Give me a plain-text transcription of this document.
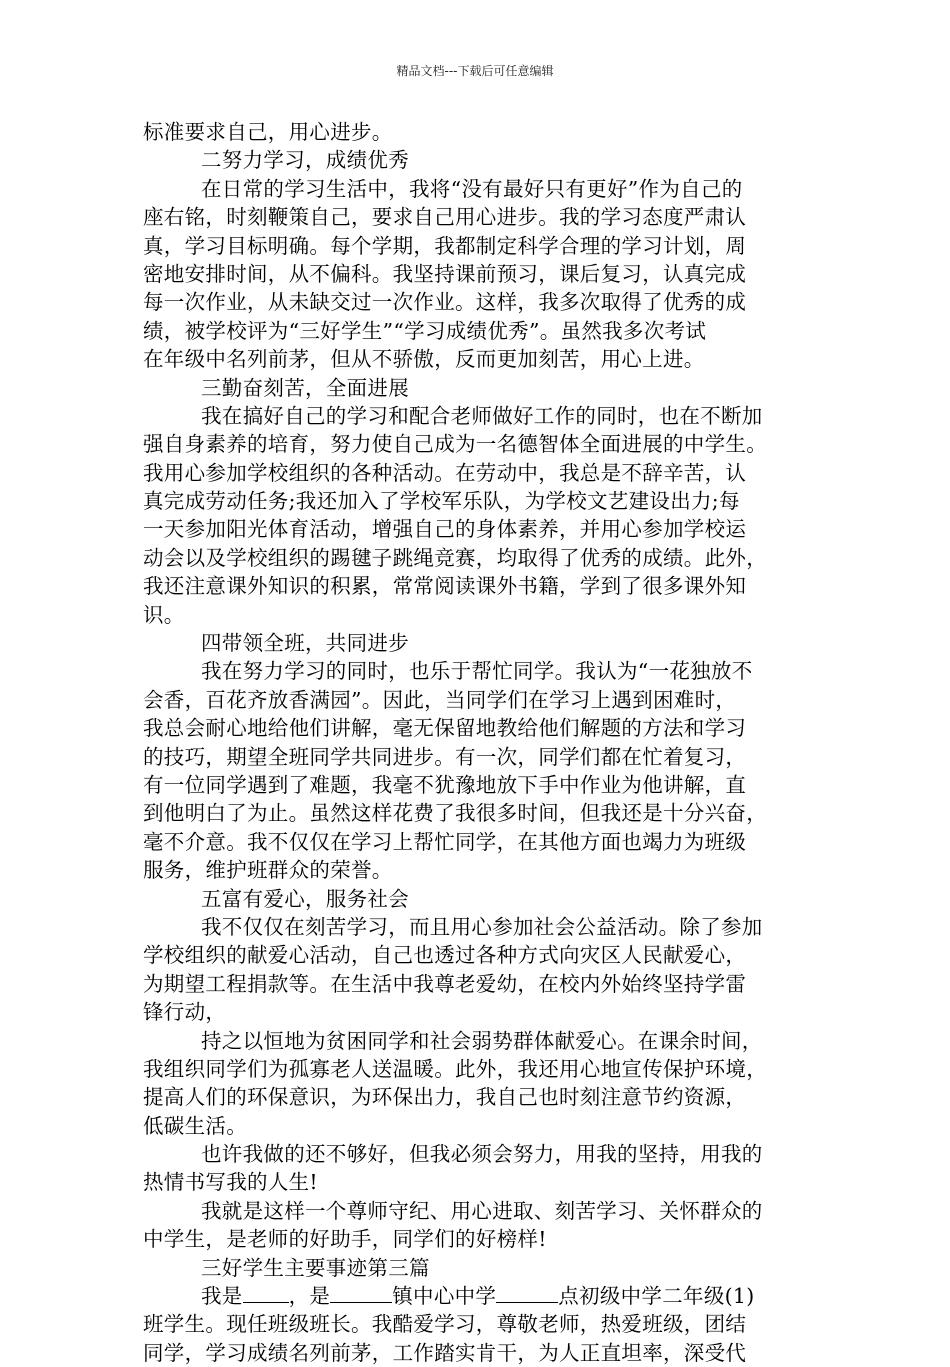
精品文档---下载后可任意编辑
标准要求自己，用心进步。
二努力学习，成绩优秀
在日常的学习生活中，我将“没有最好只有更好”作为自己的
座右铭，时刻鞭策自己，要求自己用心进步。我的学习态度严肃认
真，学习目标明确。每个学期，我都制定科学合理的学习计划，周
密地安排时间，从不偏科。我坚持课前预习，课后复习，认真完成
每一次作业，从未缺交过一次作业。这样，我多次取得了优秀的成
绩，被学校评为“三好学生”“学习成绩优秀”。虽然我多次考试
在年级中名列前茅，但从不骄傲，反而更加刻苦，用心上进。
三勤奋刻苦，全面进展
我在搞好自己的学习和配合老师做好工作的同时，也在不断加
强自身素养的培育，努力使自己成为一名德智体全面进展的中学生。
我用心参加学校组织的各种活动。在劳动中，我总是不辞辛苦，认
真完成劳动任务;我还加入了学校军乐队，为学校文艺建设出力;每
一天参加阳光体育活动，增强自己的身体素养，并用心参加学校运
动会以及学校组织的踢毽子跳绳竞赛，均取得了优秀的成绩。此外，
我还注意课外知识的积累，常常阅读课外书籍，学到了很多课外知
识。
四带领全班，共同进步
我在努力学习的同时，也乐于帮忙同学。我认为“一花独放不
会香，百花齐放香满园”。因此，当同学们在学习上遇到困难时，
我总会耐心地给他们讲解，毫无保留地教给他们解题的方法和学习
的技巧，期望全班同学共同进步。有一次，同学们都在忙着复习，
有一位同学遇到了难题，我毫不犹豫地放下手中作业为他讲解，直
到他明白了为止。虽然这样花费了我很多时间，但我还是十分兴奋，
毫不介意。我不仅仅在学习上帮忙同学，在其他方面也竭力为班级
服务，维护班群众的荣誉。
五富有爱心，服务社会
我不仅仅在刻苦学习，而且用心参加社会公益活动。除了参加
学校组织的献爱心活动，自己也透过各种方式向灾区人民献爱心，
为期望工程捐款等。在生活中我尊老爱幼，在校内外始终坚持学雷
锋行动，
持之以恒地为贫困同学和社会弱势群体献爱心。在课余时间，
我组织同学们为孤寡老人送温暖。此外，我还用心地宣传保护环境，
提高人们的环保意识，为环保出力，我自己也时刻注意节约资源，
低碳生活。
也许我做的还不够好，但我必须会努力，用我的坚持，用我的
热情书写我的人生!
我就是这样一个尊师守纪、用心进取、刻苦学习、关怀群众的
中学生，是老师的好助手，同学们的好榜样!
三好学生主要事迹第三篇
我是 ，是	镇中心中学	点初级中学二年级(1)
班学生。现任班级班长。我酷爱学习，尊敬老师，热爱班级，团结
同学，学习成绩名列前茅，工作踏实肯干，为人正直坦率，深受代
